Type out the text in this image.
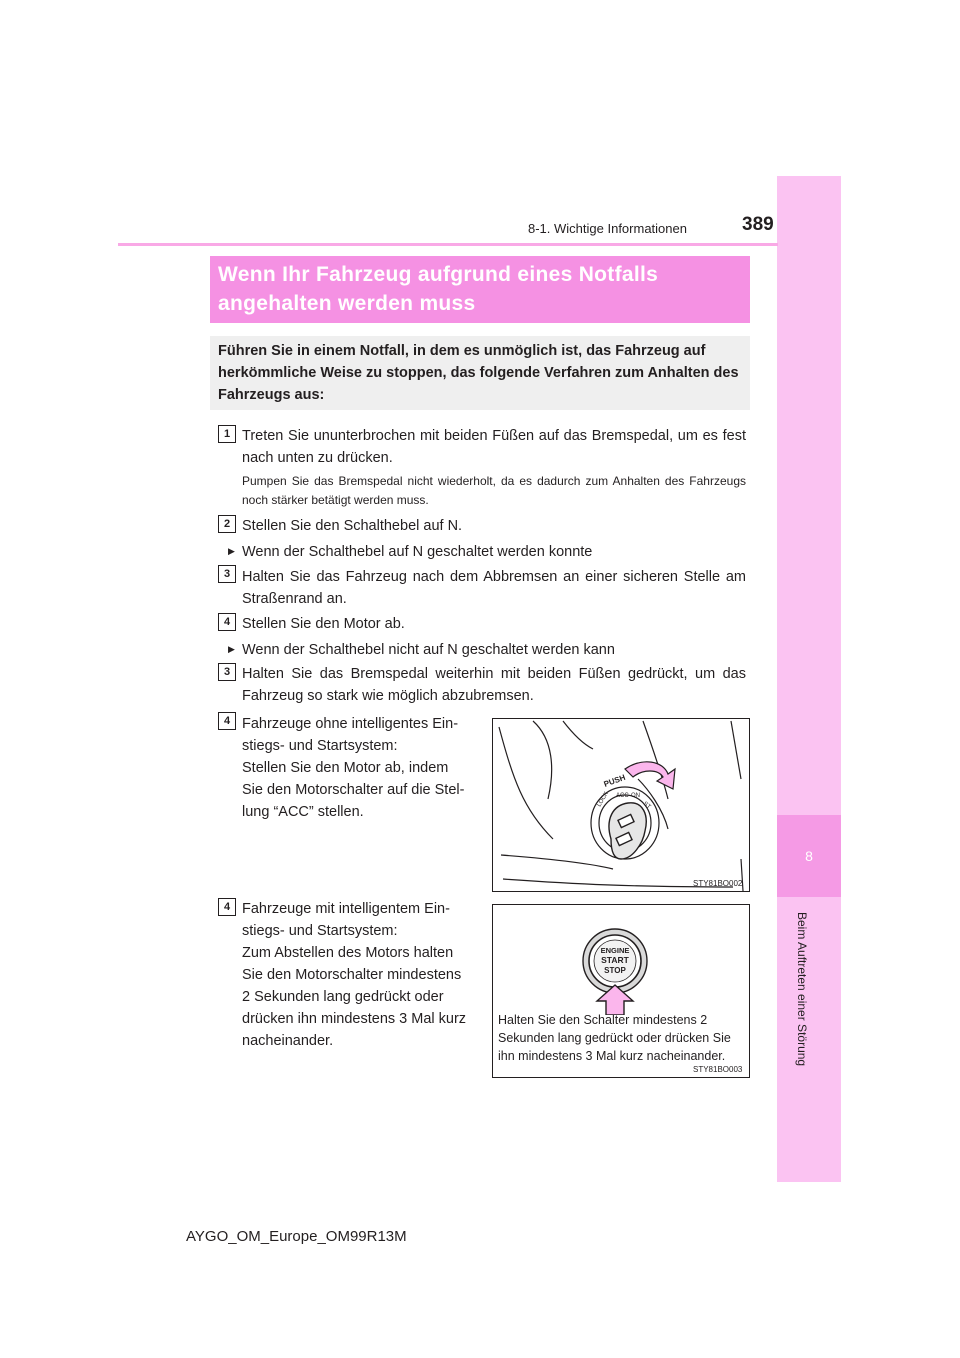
8
Beim Auftreten einer Störung
8-1. Wichtige Informationen	389
Wenn Ihr Fahrzeug aufgrund eines Notfalls
angehalten werden muss
Führen Sie in einem Notfall, in dem es unmöglich ist, das Fahrzeug auf herkömmliche Weise zu stoppen, das folgende Verfahren zum Anhalten des Fahrzeugs aus:
1 Treten Sie ununterbrochen mit beiden Füßen auf das Bremspedal, um es fest nach unten zu drücken.
Pumpen Sie das Bremspedal nicht wiederholt, da es dadurch zum Anhalten des Fahrzeugs noch stärker betätigt werden muss.
2 Stellen Sie den Schalthebel auf N.
▶ Wenn der Schalthebel auf N geschaltet werden konnte
3 Halten Sie das Fahrzeug nach dem Abbremsen an einer sicheren Stelle am Straßenrand an.
4 Stellen Sie den Motor ab.
▶ Wenn der Schalthebel nicht auf N geschaltet werden kann
3 Halten Sie das Bremspedal weiterhin mit beiden Füßen gedrückt, um das Fahrzeug so stark wie möglich abzubremsen.
4 Fahrzeuge ohne intelligentes Ein-
stiegs- und Startsystem:
Stellen Sie den Motor ab, indem
Sie den Motorschalter auf die Stel-
lung “ACC” stellen.
LOCK ACC ON
ST
PUSH
STY81BO002
4 Fahrzeuge mit intelligentem Ein-
stiegs- und Startsystem:
Zum Abstellen des Motors halten
Sie den Motorschalter mindestens
2 Sekunden lang gedrückt oder
drücken ihn mindestens 3 Mal kurz
nacheinander.
ENGINE
START
STOP
STY81BO003
Halten Sie den Schalter mindestens 2
Sekunden lang gedrückt oder drücken Sie
ihn mindestens 3 Mal kurz nacheinander.
AYGO_OM_Europe_OM99R13M
